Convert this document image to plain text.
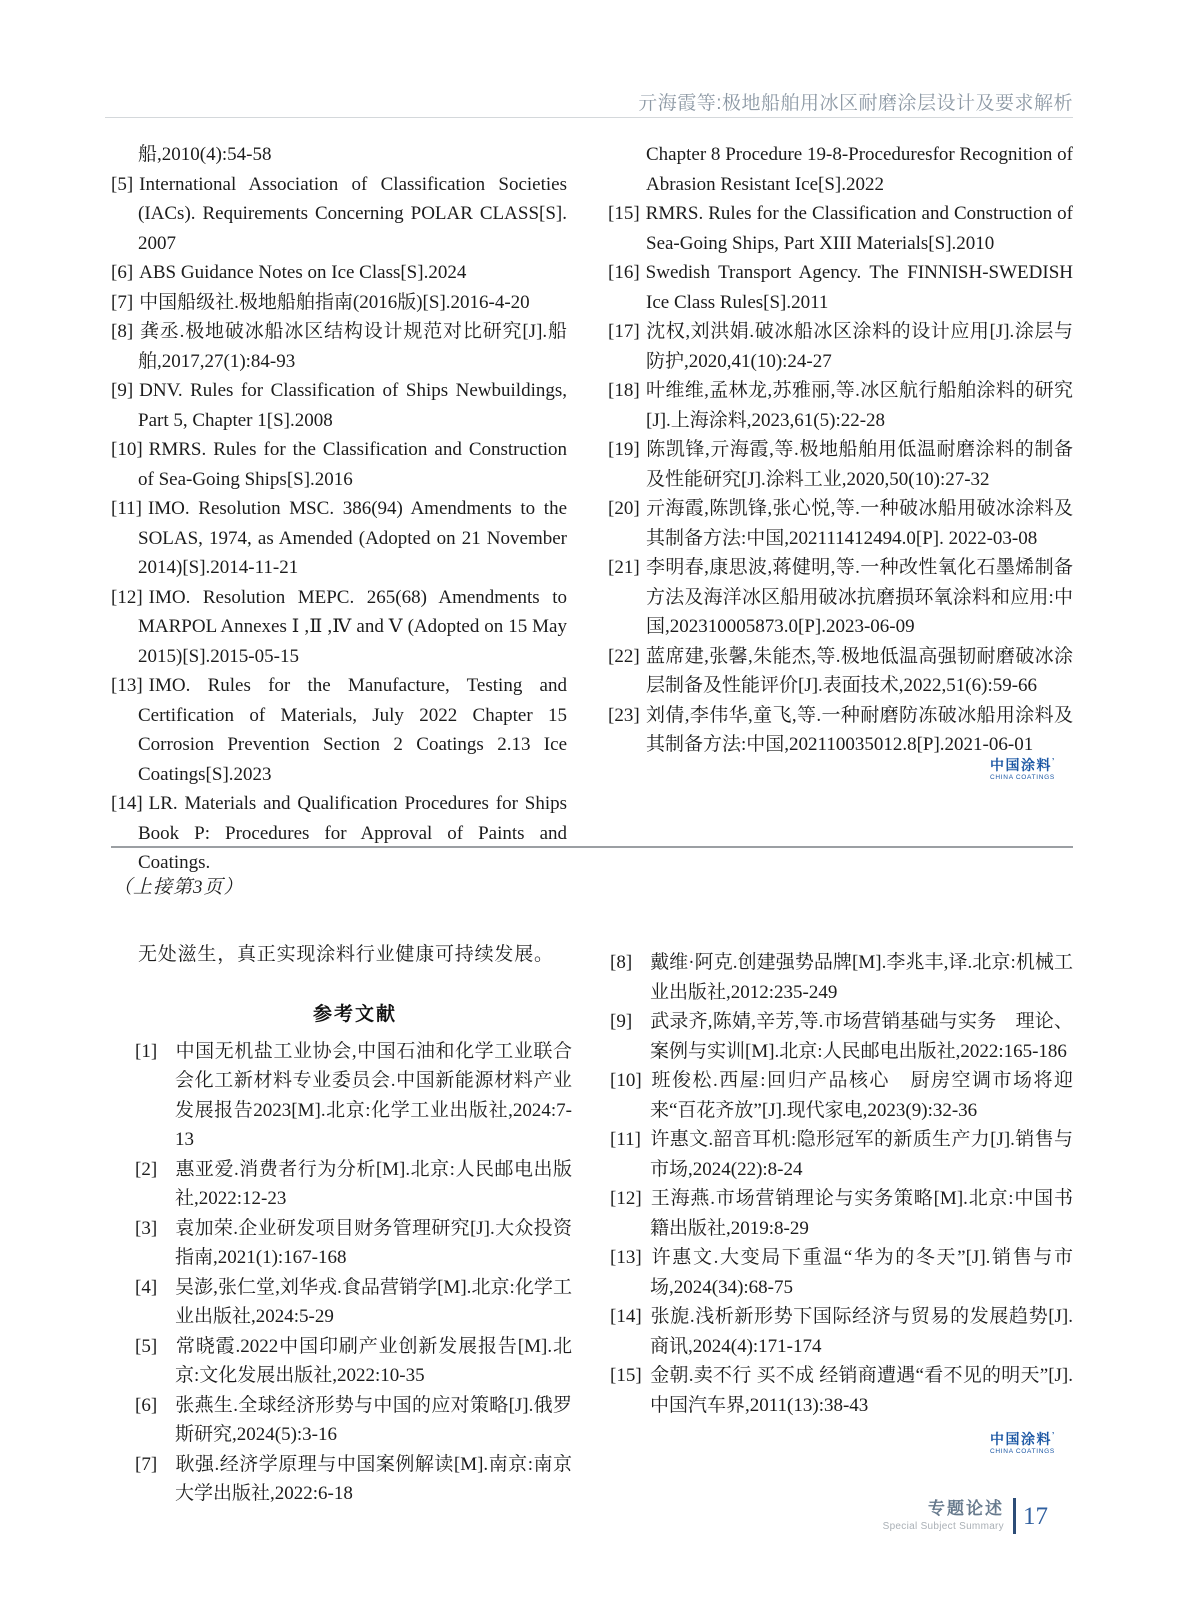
亓海霞等:极地船舶用冰区耐磨涂层设计及要求解析

船,2010(4):54-58

[5] International Association of Classification Societies (IACs). Requirements Concerning POLAR CLASS[S]. 2007

[6] ABS Guidance Notes on Ice Class[S].2024

[7] 中国船级社.极地船舶指南(2016版)[S].2016-4-20

[8] 龚丞.极地破冰船冰区结构设计规范对比研究[J].船舶,2017,27(1):84-93

[9] DNV. Rules for Classification of Ships Newbuildings, Part 5, Chapter 1[S].2008

[10] RMRS. Rules for the Classification and Construction of Sea-Going Ships[S].2016

[11] IMO. Resolution MSC. 386(94) Amendments to the SOLAS, 1974, as Amended (Adopted on 21 November 2014)[S].2014-11-21

[12] IMO. Resolution MEPC. 265(68) Amendments to MARPOL Annexes Ⅰ ,Ⅱ ,Ⅳ and Ⅴ (Adopted on 15 May 2015)[S].2015-05-15

[13] IMO. Rules for the Manufacture, Testing and Certification of Materials, July 2022 Chapter 15 Corrosion Prevention Section 2 Coatings 2.13 Ice Coatings[S].2023

[14] LR. Materials and Qualification Procedures for Ships Book P: Procedures for Approval of Paints and Coatings.

Chapter 8 Procedure 19-8-Proceduresfor Recognition of Abrasion Resistant Ice[S].2022

[15] RMRS. Rules for the Classification and Construction of Sea-Going Ships, Part XIII Materials[S].2010

[16] Swedish Transport Agency. The FINNISH-SWEDISH Ice Class Rules[S].2011

[17] 沈权,刘洪娟.破冰船冰区涂料的设计应用[J].涂层与防护,2020,41(10):24-27

[18] 叶维维,孟林龙,苏雅丽,等.冰区航行船舶涂料的研究[J].上海涂料,2023,61(5):22-28

[19] 陈凯锋,亓海霞,等.极地船舶用低温耐磨涂料的制备及性能研究[J].涂料工业,2020,50(10):27-32

[20] 亓海霞,陈凯锋,张心悦,等.一种破冰船用破冰涂料及其制备方法:中国,202111412494.0[P]. 2022-03-08

[21] 李明春,康思波,蒋健明,等.一种改性氧化石墨烯制备方法及海洋冰区船用破冰抗磨损环氧涂料和应用:中国,202310005873.0[P].2023-06-09

[22] 蓝席建,张馨,朱能杰,等.极地低温高强韧耐磨破冰涂层制备及性能评价[J].表面技术,2022,51(6):59-66

[23] 刘倩,李伟华,童飞,等.一种耐磨防冻破冰船用涂料及其制备方法:中国,202110035012.8[P].2021-06-01

中国涂料’
CHINA COATINGS
（上接第3页）

无处滋生，真正实现涂料行业健康可持续发展。

参考文献

[1] 中国无机盐工业协会,中国石油和化学工业联合会化工新材料专业委员会.中国新能源材料产业发展报告2023[M].北京:化学工业出版社,2024:7-13

[2] 惠亚爱.消费者行为分析[M].北京:人民邮电出版社,2022:12-23

[3] 袁加荣.企业研发项目财务管理研究[J].大众投资指南,2021(1):167-168

[4] 吴澎,张仁堂,刘华戎.食品营销学[M].北京:化学工业出版社,2024:5-29

[5] 常晓霞.2022中国印刷产业创新发展报告[M].北京:文化发展出版社,2022:10-35

[6] 张燕生.全球经济形势与中国的应对策略[J].俄罗斯研究,2024(5):3-16

[7] 耿强.经济学原理与中国案例解读[M].南京:南京大学出版社,2022:6-18

[8] 戴维·阿克.创建强势品牌[M].李兆丰,译.北京:机械工业出版社,2012:235-249

[9] 武录齐,陈婧,辛芳,等.市场营销基础与实务　理论、案例与实训[M].北京:人民邮电出版社,2022:165-186

[10] 班俊松.西屋:回归产品核心　厨房空调市场将迎来“百花齐放”[J].现代家电,2023(9):32-36

[11] 许惠文.韶音耳机:隐形冠军的新质生产力[J].销售与市场,2024(22):8-24

[12] 王海燕.市场营销理论与实务策略[M].北京:中国书籍出版社,2019:8-29

[13] 许惠文.大变局下重温“华为的冬天”[J].销售与市场,2024(34):68-75

[14] 张旎.浅析新形势下国际经济与贸易的发展趋势[J].商讯,2024(4):171-174

[15] 金朝.卖不行 买不成 经销商遭遇“看不见的明天”[J].中国汽车界,2011(13):38-43

中国涂料’
CHINA COATINGS
专题论述
Special Subject Summary 17
